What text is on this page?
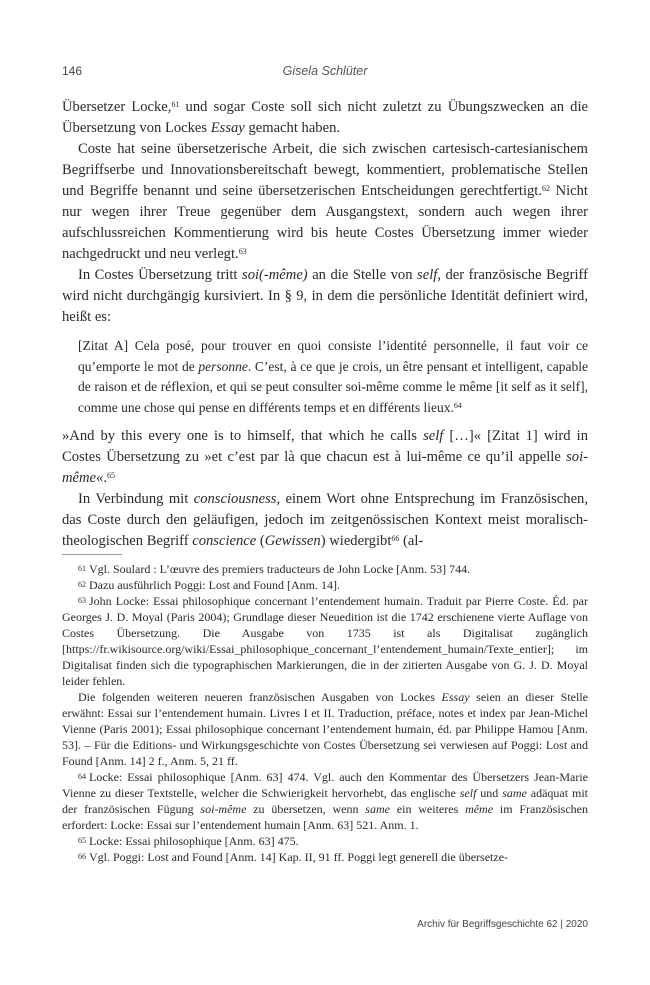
146	Gisela Schlüter

Übersetzer Locke,$^{61}$ und sogar Coste soll sich nicht zuletzt zu Übungszwecken an die Übersetzung von Lockes Essay gemacht haben.

Coste hat seine übersetzerische Arbeit, die sich zwischen cartesisch-cartesianischem Begriffserbe und Innovationsbereitschaft bewegt, kommentiert, problematische Stellen und Begriffe benannt und seine übersetzerischen Entscheidungen gerechtfertigt.$^{62}$ Nicht nur wegen ihrer Treue gegenüber dem Ausgangstext, sondern auch wegen ihrer aufschlussreichen Kommentierung wird bis heute Costes Übersetzung immer wieder nachgedruckt und neu verlegt.$^{63}$

In Costes Übersetzung tritt soi(-même) an die Stelle von self, der französische Begriff wird nicht durchgängig kursiviert. In § 9, in dem die persönliche Identität definiert wird, heißt es:

[Zitat A] Cela posé, pour trouver en quoi consiste l’identité personnelle, il faut voir ce qu’emporte le mot de personne. C’est, à ce que je crois, un être pensant et intelligent, capable de raison et de réflexion, et qui se peut consulter soi-même comme le même [it self as it self], comme une chose qui pense en différents temps et en différents lieux.$^{64}$

»And by this every one is to himself, that which he calls self […]« [Zitat 1] wird in Costes Übersetzung zu »et c’est par là que chacun est à lui-même ce qu’il appelle soi-même«.$^{65}$

In Verbindung mit consciousness, einem Wort ohne Entsprechung im Französischen, das Coste durch den geläufigen, jedoch im zeitgenössischen Kontext meist moralisch-theologischen Begriff conscience (Gewissen) wiedergibt$^{66}$ (al-

61 Vgl. Soulard : L’œuvre des premiers traducteurs de John Locke [Anm. 53] 744.

62 Dazu ausführlich Poggi: Lost and Found [Anm. 14].

63 John Locke: Essai philosophique concernant l’entendement humain. Traduit par Pierre Coste. Éd. par Georges J. D. Moyal (Paris 2004); Grundlage dieser Neuedition ist die 1742 erschienene vierte Auflage von Costes Übersetzung. Die Ausgabe von 1735 ist als Digitalisat zugänglich [https://fr.wikisource.org/wiki/Essai_philosophique_concernant_l’entendement_humain/Texte_entier]; im Digitalisat finden sich die typographischen Markierungen, die in der zitierten Ausgabe von G. J. D. Moyal leider fehlen.

Die folgenden weiteren neueren französischen Ausgaben von Lockes Essay seien an dieser Stelle erwähnt: Essai sur l’entendement humain. Livres I et II. Traduction, préface, notes et index par Jean-Michel Vienne (Paris 2001); Essai philosophique concernant l’entendement humain, éd. par Philippe Hamou [Anm. 53]. – Für die Editions- und Wirkungsgeschichte von Costes Übersetzung sei verwiesen auf Poggi: Lost and Found [Anm. 14] 2 f., Anm. 5, 21 ff.

64 Locke: Essai philosophique [Anm. 63] 474. Vgl. auch den Kommentar des Übersetzers Jean-Marie Vienne zu dieser Textstelle, welcher die Schwierigkeit hervorhebt, das englische self und same adäquat mit der französischen Fügung soi-même zu übersetzen, wenn same ein weiteres même im Französischen erfordert: Locke: Essai sur l’entendement humain [Anm. 63] 521. Anm. 1.

65 Locke: Essai philosophique [Anm. 63] 475.

66 Vgl. Poggi: Lost and Found [Anm. 14] Kap. II, 91 ff. Poggi legt generell die übersetze-

Archiv für Begriffsgeschichte 62 | 2020
